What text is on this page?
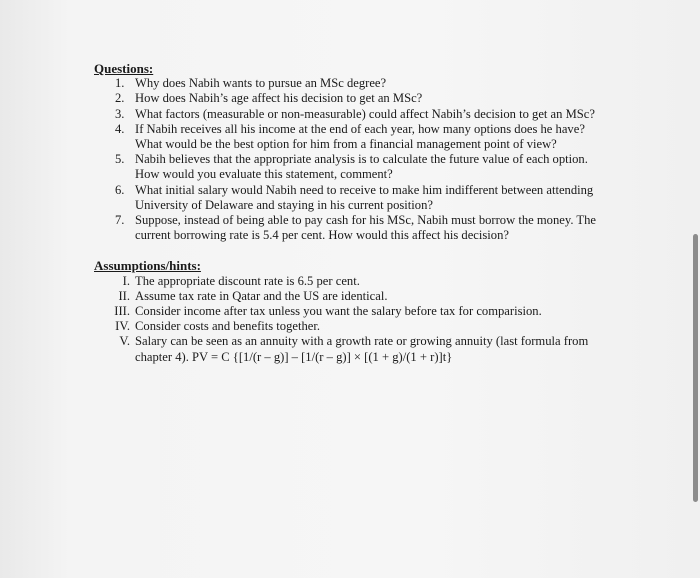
Questions:

1. Why does Nabih wants to pursue an MSc degree?
2. How does Nabih’s age affect his decision to get an MSc?
3. What factors (measurable or non-measurable) could affect Nabih’s decision to get an MSc?
4. If Nabih receives all his income at the end of each year, how many options does he have? What would be the best option for him from a financial management point of view?
5. Nabih believes that the appropriate analysis is to calculate the future value of each option. How would you evaluate this statement, comment?
6. What initial salary would Nabih need to receive to make him indifferent between attending University of Delaware and staying in his current position?
7. Suppose, instead of being able to pay cash for his MSc, Nabih must borrow the money. The current borrowing rate is 5.4 per cent. How would this affect his decision?

Assumptions/hints:

I. The appropriate discount rate is 6.5 per cent.
II. Assume tax rate in Qatar and the US are identical.
III. Consider income after tax unless you want the salary before tax for comparision.
IV. Consider costs and benefits together.
V. Salary can be seen as an annuity with a growth rate or growing annuity (last formula from chapter 4). PV = C {[1/(r – g)] – [1/(r – g)] × [(1 + g)/(1 + r)]t}
